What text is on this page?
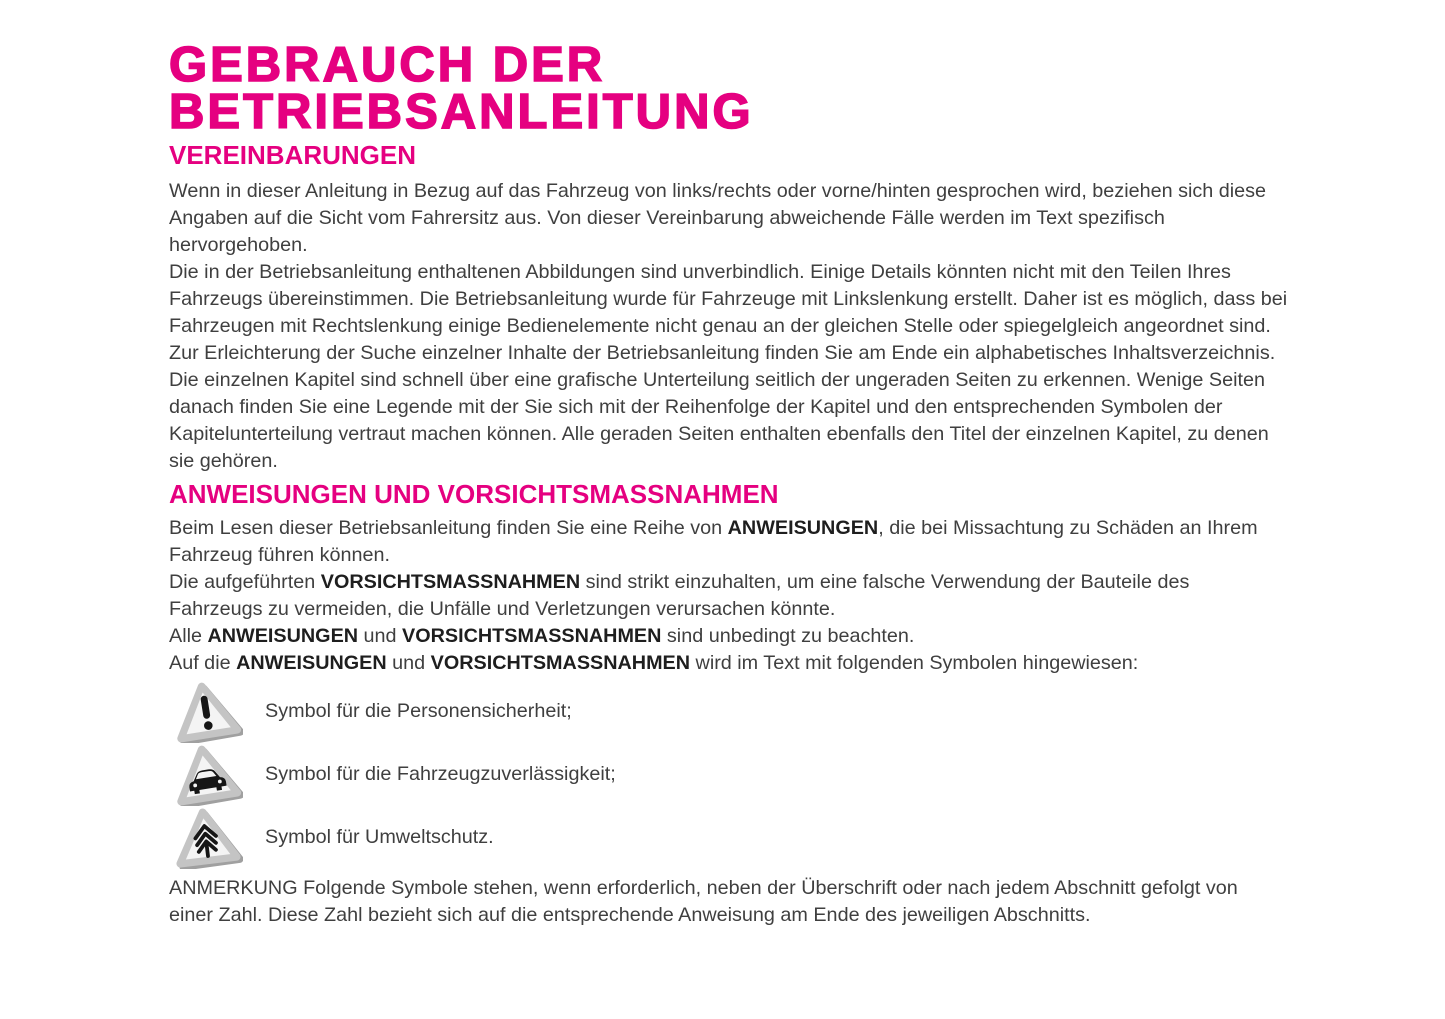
GEBRAUCH DER
BETRIEBSANLEITUNG
VEREINBARUNGEN
Wenn in dieser Anleitung in Bezug auf das Fahrzeug von links/rechts oder vorne/hinten gesprochen wird, beziehen sich diese
Angaben auf die Sicht vom Fahrersitz aus. Von dieser Vereinbarung abweichende Fälle werden im Text spezifisch
hervorgehoben.
Die in der Betriebsanleitung enthaltenen Abbildungen sind unverbindlich. Einige Details könnten nicht mit den Teilen Ihres
Fahrzeugs übereinstimmen. Die Betriebsanleitung wurde für Fahrzeuge mit Linkslenkung erstellt. Daher ist es möglich, dass bei
Fahrzeugen mit Rechtslenkung einige Bedienelemente nicht genau an der gleichen Stelle oder spiegelgleich angeordnet sind.
Zur Erleichterung der Suche einzelner Inhalte der Betriebsanleitung finden Sie am Ende ein alphabetisches Inhaltsverzeichnis.
Die einzelnen Kapitel sind schnell über eine grafische Unterteilung seitlich der ungeraden Seiten zu erkennen. Wenige Seiten
danach finden Sie eine Legende mit der Sie sich mit der Reihenfolge der Kapitel und den entsprechenden Symbolen der
Kapitelunterteilung vertraut machen können. Alle geraden Seiten enthalten ebenfalls den Titel der einzelnen Kapitel, zu denen
sie gehören.
ANWEISUNGEN UND VORSICHTSMASSNAHMEN
Beim Lesen dieser Betriebsanleitung finden Sie eine Reihe von ANWEISUNGEN, die bei Missachtung zu Schäden an Ihrem
Fahrzeug führen können.
Die aufgeführten VORSICHTSMASSNAHMEN sind strikt einzuhalten, um eine falsche Verwendung der Bauteile des
Fahrzeugs zu vermeiden, die Unfälle und Verletzungen verursachen könnte.
Alle ANWEISUNGEN und VORSICHTSMASSNAHMEN sind unbedingt zu beachten.
Auf die ANWEISUNGEN und VORSICHTSMASSNAHMEN wird im Text mit folgenden Symbolen hingewiesen:
Symbol für die Personensicherheit;
Symbol für die Fahrzeugzuverlässigkeit;
Symbol für Umweltschutz.
ANMERKUNG Folgende Symbole stehen, wenn erforderlich, neben der Überschrift oder nach jedem Abschnitt gefolgt von
einer Zahl. Diese Zahl bezieht sich auf die entsprechende Anweisung am Ende des jeweiligen Abschnitts.
